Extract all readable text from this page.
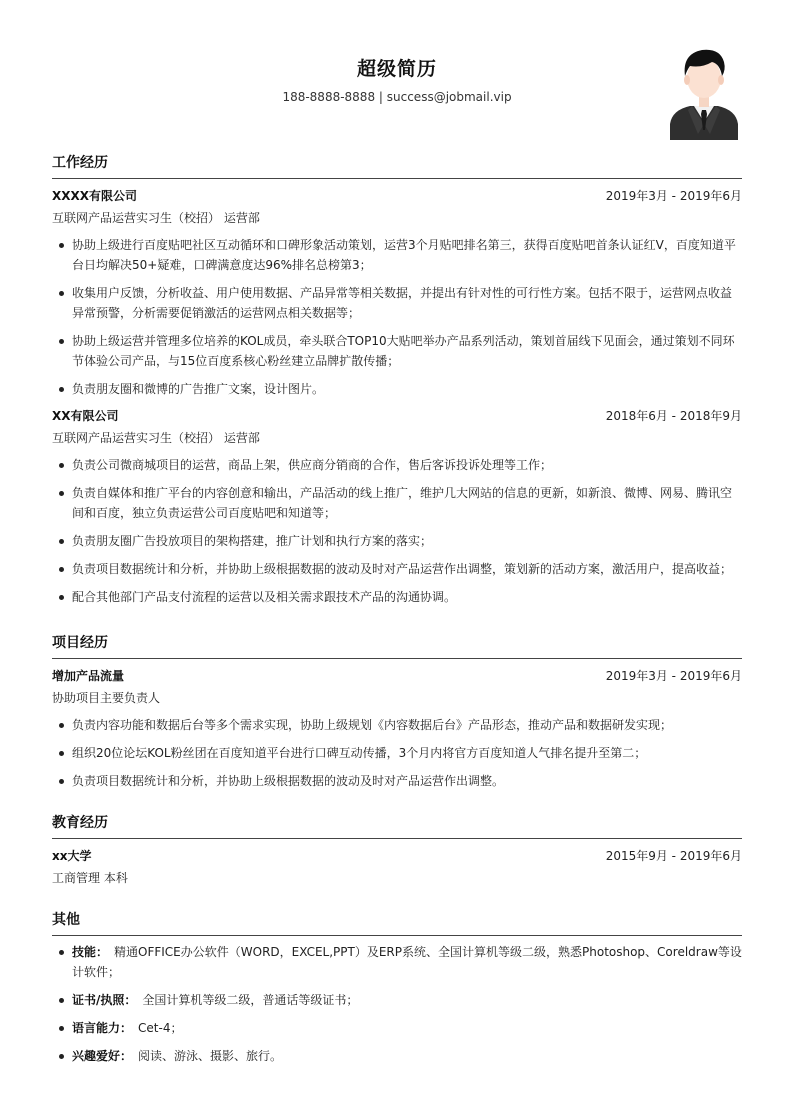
超级简历
188-8888-8888 | success@jobmail.vip
工作经历
XXXX有限公司	2019年3月 - 2019年6月
互联网产品运营实习生（校招） 运营部
协助上级进行百度贴吧社区互动循环和口碑形象活动策划，运营3个月贴吧排名第三，获得百度贴吧首条认证红V，百度知道平台日均解决50+疑难，口碑满意度达96%排名总榜第3；
收集用户反馈，分析收益、用户使用数据、产品异常等相关数据，并提出有针对性的可行性方案。包括不限于，运营网点收益异常预警，分析需要促销激活的运营网点相关数据等；
协助上级运营并管理多位培养的KOL成员，牵头联合TOP10大贴吧举办产品系列活动，策划首届线下见面会，通过策划不同环节体验公司产品，与15位百度系核心粉丝建立品牌扩散传播；
负责朋友圈和微博的广告推广文案，设计图片。
XX有限公司	2018年6月 - 2018年9月
互联网产品运营实习生（校招） 运营部
负责公司微商城项目的运营，商品上架，供应商分销商的合作，售后客诉投诉处理等工作；
负责自媒体和推广平台的内容创意和输出，产品活动的线上推广，维护几大网站的信息的更新，如新浪、微博、网易、腾讯空间和百度，独立负责运营公司百度贴吧和知道等；
负责朋友圈广告投放项目的架构搭建，推广计划和执行方案的落实；
负责项目数据统计和分析，并协助上级根据数据的波动及时对产品运营作出调整，策划新的活动方案，激活用户，提高收益；
配合其他部门产品支付流程的运营以及相关需求跟技术产品的沟通协调。
项目经历
增加产品流量	2019年3月 - 2019年6月
协助项目主要负责人
负责内容功能和数据后台等多个需求实现，协助上级规划《内容数据后台》产品形态，推动产品和数据研发实现；
组织20位论坛KOL粉丝团在百度知道平台进行口碑互动传播，3个月内将官方百度知道人气排名提升至第二；
负责项目数据统计和分析，并协助上级根据数据的波动及时对产品运营作出调整。
教育经历
xx大学	2015年9月 - 2019年6月
工商管理 本科
其他
技能： 精通OFFICE办公软件（WORD，EXCEL,PPT）及ERP系统、全国计算机等级二级，熟悉Photoshop、Coreldraw等设计软件；
证书/执照： 全国计算机等级二级，普通话等级证书；
语言能力： Cet-4；
兴趣爱好： 阅读、游泳、摄影、旅行。
